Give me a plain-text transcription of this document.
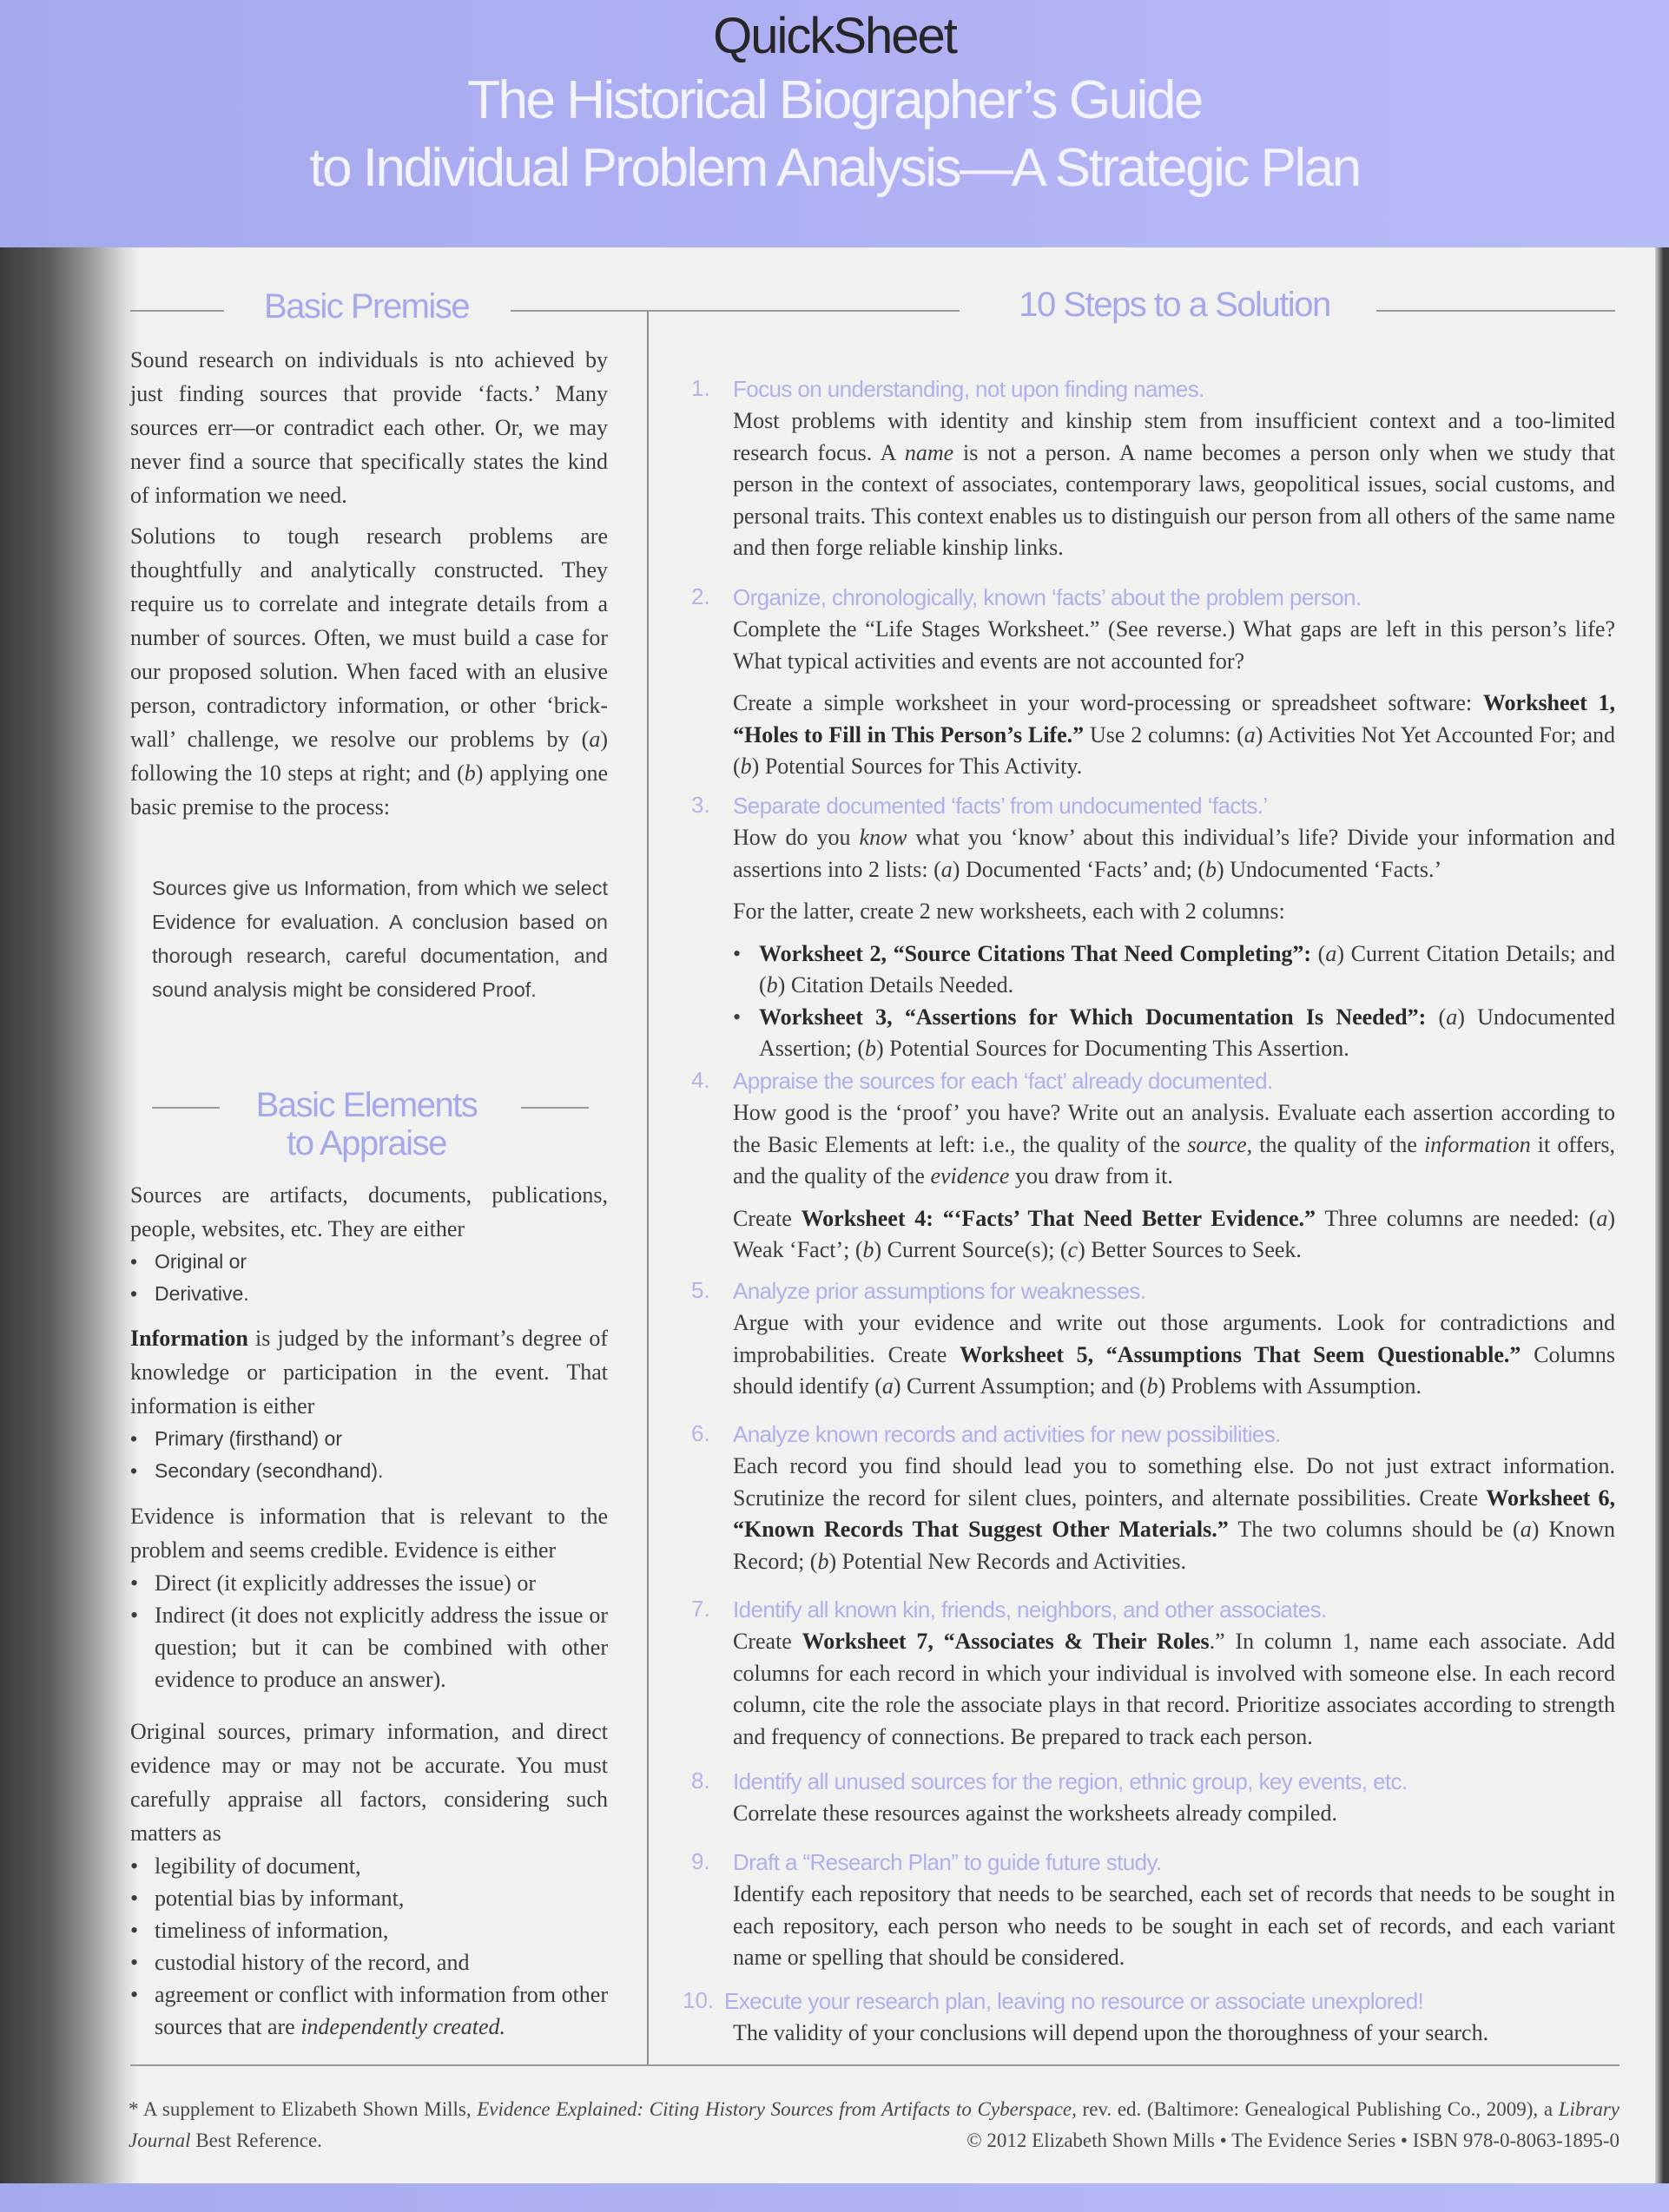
QuickSheet
The Historical Biographer’s Guide
to Individual Problem Analysis—A Strategic Plan
Basic Premise	10 Steps to a Solution
Basic Elements
to Appraise

Sound research on individuals is nto achieved by just finding sources that provide ‘facts.’ Many sources err—or contradict each other. Or, we may never find a source that specifically states the kind of information we need.

Solutions to tough research problems are thoughtfully and analytically constructed. They require us to correlate and integrate details from a number of sources. Often, we must build a case for our proposed solution. When faced with an elusive person, contradictory information, or other ‘brick-wall’ challenge, we resolve our problems by (a) following the 10 steps at right; and (b) applying one basic premise to the process:

Sources give us Information, from which we select Evidence for evaluation. A conclusion based on thorough research, careful documentation, and sound analysis might be considered Proof.

Sources are artifacts, documents, publications, people, websites, etc. They are either

• Original or
• Derivative.

Information is judged by the informant’s degree of knowledge or participation in the event. That information is either

• Primary (firsthand) or
• Secondary (secondhand).

Evidence is information that is relevant to the problem and seems credible. Evidence is either

• Direct (it explicitly addresses the issue) or
• Indirect (it does not explicitly address the issue or question; but it can be combined with other evidence to produce an answer).

Original sources, primary information, and direct evidence may or may not be accurate. You must carefully appraise all factors, considering such matters as

• legibility of document,
• potential bias by informant,
• timeliness of information,
• custodial history of the record, and
• agreement or conflict with information from other sources that are independently created.
1. Focus on understanding, not upon finding names.

Most problems with identity and kinship stem from insufficient context and a too-limited research focus. A name is not a person. A name becomes a person only when we study that person in the context of associates, contemporary laws, geopolitical issues, social customs, and personal traits. This context enables us to distinguish our person from all others of the same name and then forge reliable kinship links.

2. Organize, chronologically, known ‘facts’ about the problem person.

Complete the “Life Stages Worksheet.” (See reverse.) What gaps are left in this person’s life? What typical activities and events are not accounted for?

Create a simple worksheet in your word-processing or spreadsheet software: Worksheet 1, “Holes to Fill in This Person’s Life.” Use 2 columns: (a) Activities Not Yet Accounted For; and (b) Potential Sources for This Activity.

3. Separate documented ‘facts’ from undocumented ‘facts.’

How do you know what you ‘know’ about this individual’s life? Divide your information and assertions into 2 lists: (a) Documented ‘Facts’ and; (b) Undocumented ‘Facts.’

For the latter, create 2 new worksheets, each with 2 columns:

• Worksheet 2, “Source Citations That Need Completing”: (a) Current Citation Details; and (b) Citation Details Needed.
• Worksheet 3, “Assertions for Which Documentation Is Needed”: (a) Undocumented Assertion; (b) Potential Sources for Documenting This Assertion.
4. Appraise the sources for each ‘fact’ already documented.

How good is the ‘proof’ you have? Write out an analysis. Evaluate each assertion according to the Basic Elements at left: i.e., the quality of the source, the quality of the information it offers, and the quality of the evidence you draw from it.

Create Worksheet 4: “‘Facts’ That Need Better Evidence.” Three columns are needed: (a) Weak ‘Fact’; (b) Current Source(s); (c) Better Sources to Seek.

5. Analyze prior assumptions for weaknesses.

Argue with your evidence and write out those arguments. Look for contradictions and improbabilities. Create Worksheet 5, “Assumptions That Seem Questionable.” Columns should identify (a) Current Assumption; and (b) Problems with Assumption.

6. Analyze known records and activities for new possibilities.

Each record you find should lead you to something else. Do not just extract information. Scrutinize the record for silent clues, pointers, and alternate possibilities. Create Worksheet 6, “Known Records That Suggest Other Materials.” The two columns should be (a) Known Record; (b) Potential New Records and Activities.

7. Identify all known kin, friends, neighbors, and other associates.

Create Worksheet 7, “Associates & Their Roles.” In column 1, name each associate. Add columns for each record in which your individual is involved with someone else. In each record column, cite the role the associate plays in that record. Prioritize associates according to strength and frequency of connections. Be prepared to track each person.

8. Identify all unused sources for the region, ethnic group, key events, etc.

Correlate these resources against the worksheets already compiled.

9. Draft a “Research Plan” to guide future study.

Identify each repository that needs to be searched, each set of records that needs to be sought in each repository, each person who needs to be sought in each set of records, and each variant name or spelling that should be considered.

10. Execute your research plan, leaving no resource or associate unexplored!

The validity of your conclusions will depend upon the thoroughness of your search.

* A supplement to Elizabeth Shown Mills, Evidence Explained: Citing History Sources from Artifacts to Cyberspace, rev. ed. (Baltimore: Genealogical Publishing Co., 2009), a Library Journal Best Reference.	© 2012 Elizabeth Shown Mills • The Evidence Series • ISBN 978-0-8063-1895-0
